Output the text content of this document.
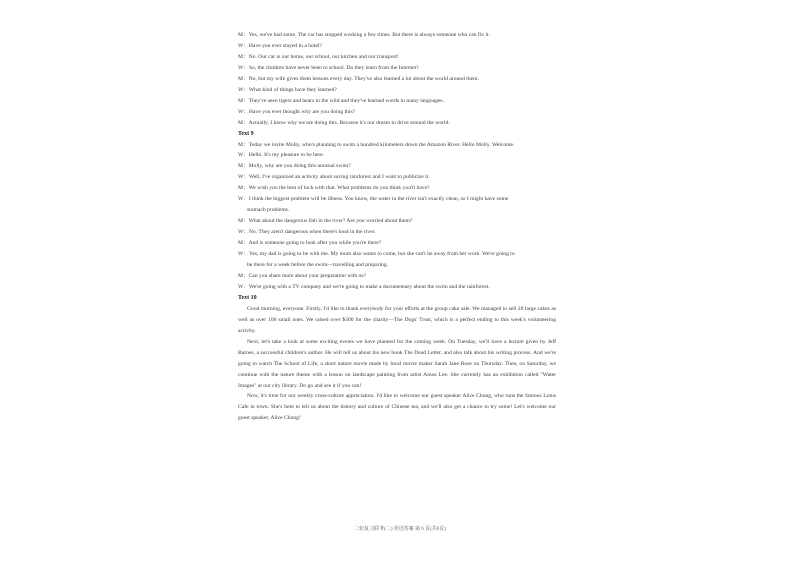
M：Yes, we've had some. The car has stopped working a few times. But there is always someone who can fix it.
W：Have you ever stayed in a hotel?
M：No. Our car is our home, our school, our kitchen and our transport!
W：So, the children have never been to school. Do they learn from the Internet?
M：No, but my wife gives them lessons every day. They've also learned a lot about the world around them.
W：What kind of things have they learned?
M：They've seen tigers and bears in the wild and they've learned words in many languages.
W：Have you ever thought why are you doing this?
M：Actually, I know why we are doing this. Because it's our dream to drive around the world.
Text 9
M：Today we invite Molly, who's planning to swim a hundred kilometers down the Amazon River. Hello Molly. Welcome.
W：Hello. It's my pleasure to be here.
M：Molly, why are you doing this unusual swim?
W：Well, I've organized an activity about saving rainforest and I want to publicize it.
M：We wish you the best of luck with that. What problems do you think you'll have?
W：I think the biggest problem will be illness. You know, the water in the river isn't exactly clean, so I might have some
stomach problems.
M：What about the dangerous fish in the river? Are you worried about them?
W：No. They aren't dangerous when there's loud in the river.
M：And is someone going to look after you while you're there?
W：Yes, my dad is going to be with me. My mum also wants to come, but she can't be away from her work. We're going to
be there for a week before the swim—travelling and preparing.
M：Can you share more about your preparation with us?
W：We're going with a TV company and we're going to make a documentary about the swim and the rainforest.
Text 10
Good morning, everyone. Firstly, I'd like to thank everybody for your efforts at the group cake sale. We managed to sell 20 large cakes as well as over 100 small ones. We raised over $300 for the charity—The Dogs' Trust, which is a perfect ending to this week's volunteering activity.
Next, let's take a look at some exciting events we have planned for the coming week. On Tuesday, we'll have a lecture given by Jeff Barnes, a successful children's author. He will tell us about his new book The Dead Letter, and also talk about his writing process. And we're going to watch The School of Life, a short nature movie made by local movie maker Sarah Jane Rose on Thursday. Then, on Saturday, we continue with the nature theme with a lesson on landscape painting from artist Amos Lee. She currently has an exhibition called "Water Images" at our city library. Do go and see it if you can!
Now, it's time for our weekly cross-culture appreciation. I'd like to welcome our guest speaker Alice Chung, who runs the famous Lotus Cafe in town. She's here to tell us about the history and culture of Chinese tea, and we'll also get a chance to try some! Let's welcome our guest speaker, Alice Chung!
二轮复习联考(二) 英语答案 第 6 页(共6页)
